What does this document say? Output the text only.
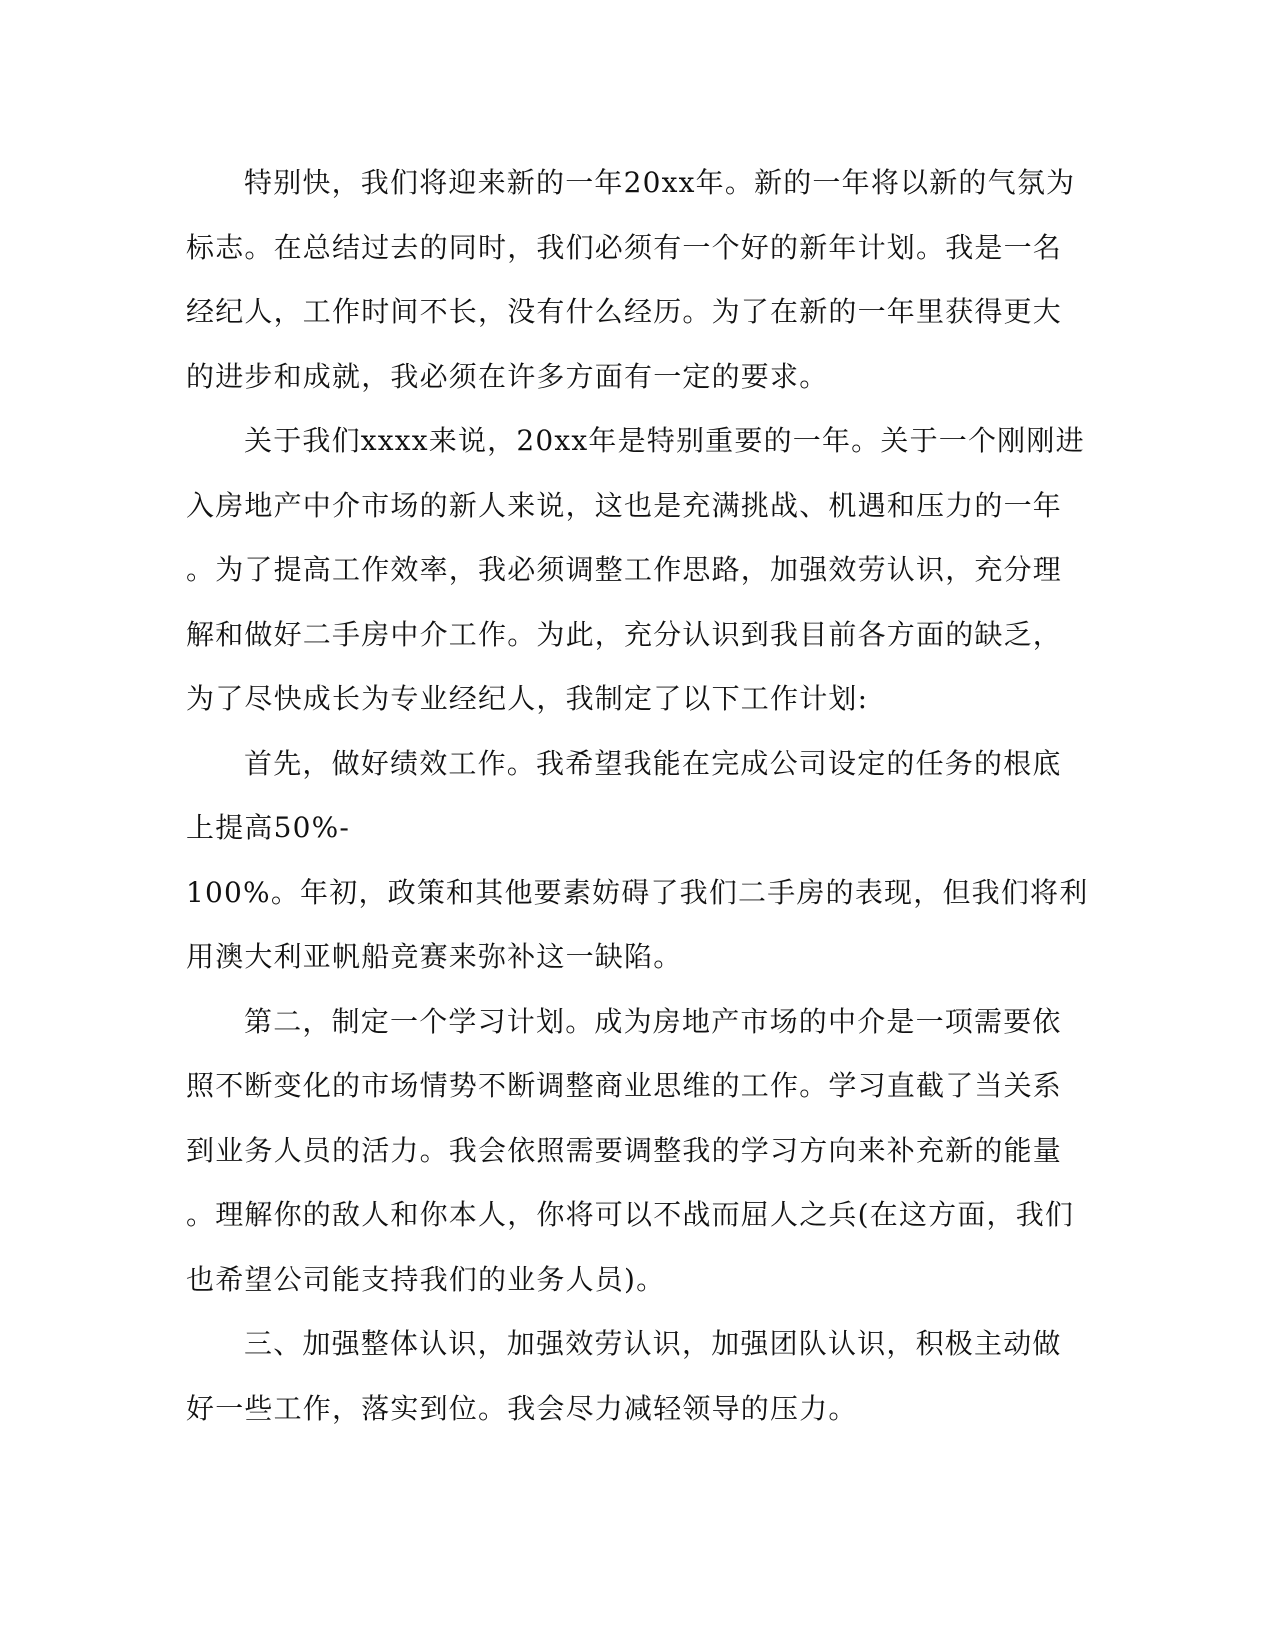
特别快，我们将迎来新的一年20xx年。新的一年将以新的气氛为
标志。在总结过去的同时，我们必须有一个好的新年计划。我是一名
经纪人，工作时间不长，没有什么经历。为了在新的一年里获得更大
的进步和成就，我必须在许多方面有一定的要求。
关于我们xxxx来说，20xx年是特别重要的一年。关于一个刚刚进
入房地产中介市场的新人来说，这也是充满挑战、机遇和压力的一年
。为了提高工作效率，我必须调整工作思路，加强效劳认识，充分理
解和做好二手房中介工作。为此，充分认识到我目前各方面的缺乏，
为了尽快成长为专业经纪人，我制定了以下工作计划:
首先，做好绩效工作。我希望我能在完成公司设定的任务的根底
上提高50%-
100%。年初，政策和其他要素妨碍了我们二手房的表现，但我们将利
用澳大利亚帆船竞赛来弥补这一缺陷。
第二，制定一个学习计划。成为房地产市场的中介是一项需要依
照不断变化的市场情势不断调整商业思维的工作。学习直截了当关系
到业务人员的活力。我会依照需要调整我的学习方向来补充新的能量
。理解你的敌人和你本人，你将可以不战而屈人之兵(在这方面，我们
也希望公司能支持我们的业务人员)。
三、加强整体认识，加强效劳认识，加强团队认识，积极主动做
好一些工作，落实到位。我会尽力减轻领导的压力。
